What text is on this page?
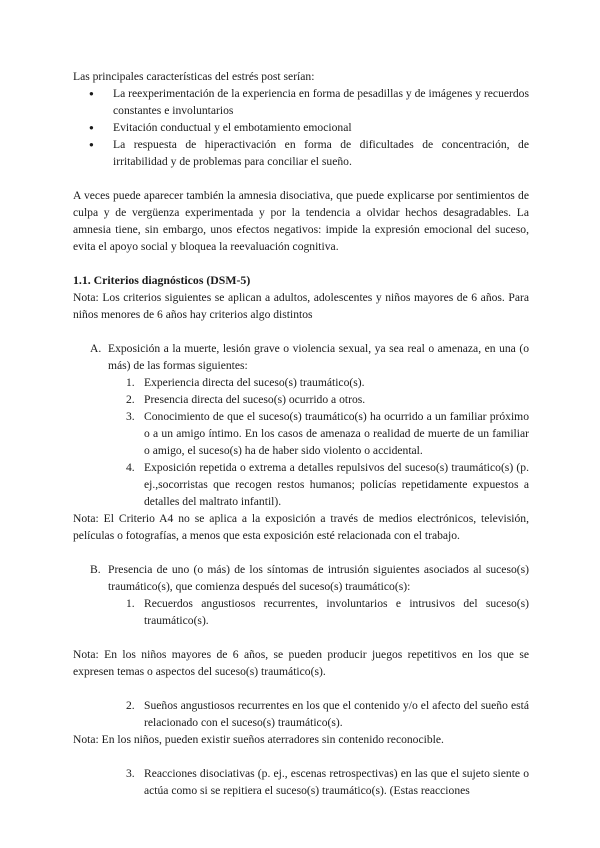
Las principales características del estrés post serían:

● La reexperimentación de la experiencia en forma de pesadillas y de imágenes y recuerdos constantes e involuntarios
● Evitación conductual y el embotamiento emocional
● La respuesta de hiperactivación en forma de dificultades de concentración, de irritabilidad y de problemas para conciliar el sueño.

A veces puede aparecer también la amnesia disociativa, que puede explicarse por sentimientos de culpa y de vergüenza experimentada y por la tendencia a olvidar hechos desagradables. La amnesia tiene, sin embargo, unos efectos negativos: impide la expresión emocional del suceso, evita el apoyo social y bloquea la reevaluación cognitiva.

1.1. Criterios diagnósticos (DSM-5)

Nota: Los criterios siguientes se aplican a adultos, adolescentes y niños mayores de 6 años. Para niños menores de 6 años hay criterios algo distintos

A. Exposición a la muerte, lesión grave o violencia sexual, ya sea real o amenaza, en una (o más) de las formas siguientes:
1. Experiencia directa del suceso(s) traumático(s).
2. Presencia directa del suceso(s) ocurrido a otros.
3. Conocimiento de que el suceso(s) traumático(s) ha ocurrido a un familiar próximo o a un amigo íntimo. En los casos de amenaza o realidad de muerte de un familiar o amigo, el suceso(s) ha de haber sido violento o accidental.
4. Exposición repetida o extrema a detalles repulsivos del suceso(s) traumático(s) (p. ej.,socorristas que recogen restos humanos; policías repetidamente expuestos a detalles del maltrato infantil).

Nota: El Criterio A4 no se aplica a la exposición a través de medios electrónicos, televisión, películas o fotografías, a menos que esta exposición esté relacionada con el trabajo.

B. Presencia de uno (o más) de los síntomas de intrusión siguientes asociados al suceso(s) traumático(s), que comienza después del suceso(s) traumático(s):
1. Recuerdos angustiosos recurrentes, involuntarios e intrusivos del suceso(s) traumático(s).

Nota: En los niños mayores de 6 años, se pueden producir juegos repetitivos en los que se expresen temas o aspectos del suceso(s) traumático(s).

2. Sueños angustiosos recurrentes en los que el contenido y/o el afecto del sueño está relacionado con el suceso(s) traumático(s).

Nota: En los niños, pueden existir sueños aterradores sin contenido reconocible.

3. Reacciones disociativas (p. ej., escenas retrospectivas) en las que el sujeto siente o actúa como si se repitiera el suceso(s) traumático(s). (Estas reacciones
